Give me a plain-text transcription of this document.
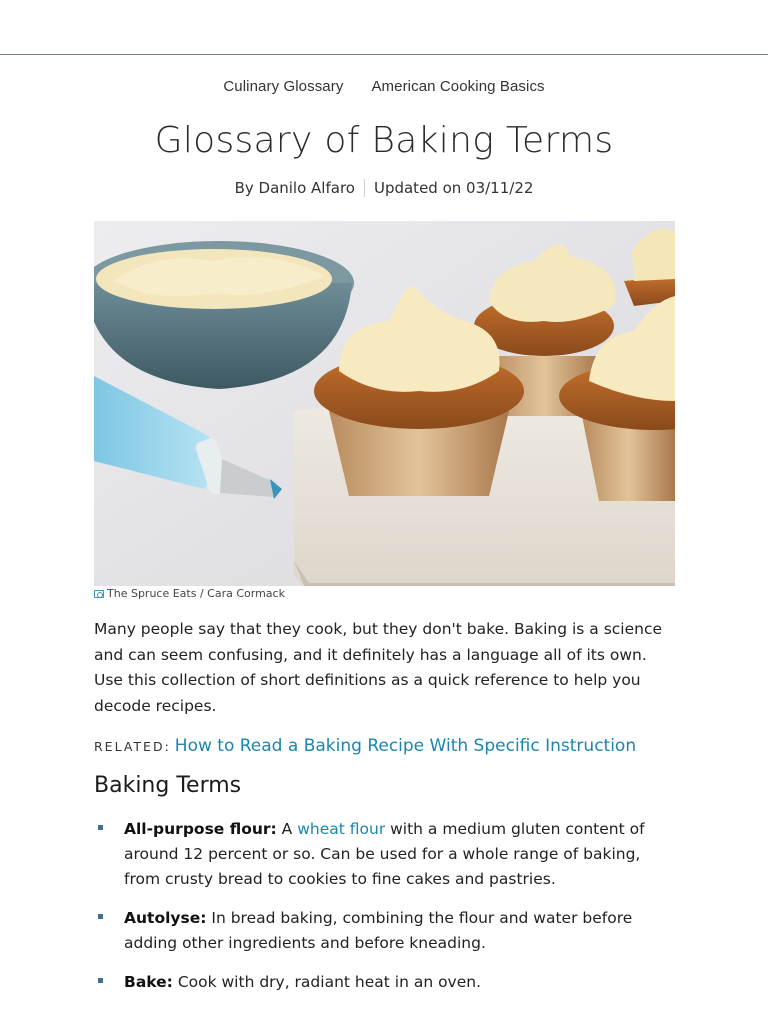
Culinary Glossary American Cooking Basics
Glossary of Baking Terms
By Danilo Alfaro Updated on 03/11/22
The Spruce Eats / Cara Cormack

Many people say that they cook, but they don't bake. Baking is a science and can seem confusing, and it definitely has a language all of its own. Use this collection of short definitions as a quick reference to help you decode recipes.

RELATED: How to Read a Baking Recipe With Specific Instruction
Baking Terms
All-purpose flour: A wheat flour with a medium gluten content of around 12 percent or so. Can be used for a whole range of baking, from crusty bread to cookies to fine cakes and pastries.
Autolyse: In bread baking, combining the flour and water before adding other ingredients and before kneading.
Bake: Cook with dry, radiant heat in an oven.
